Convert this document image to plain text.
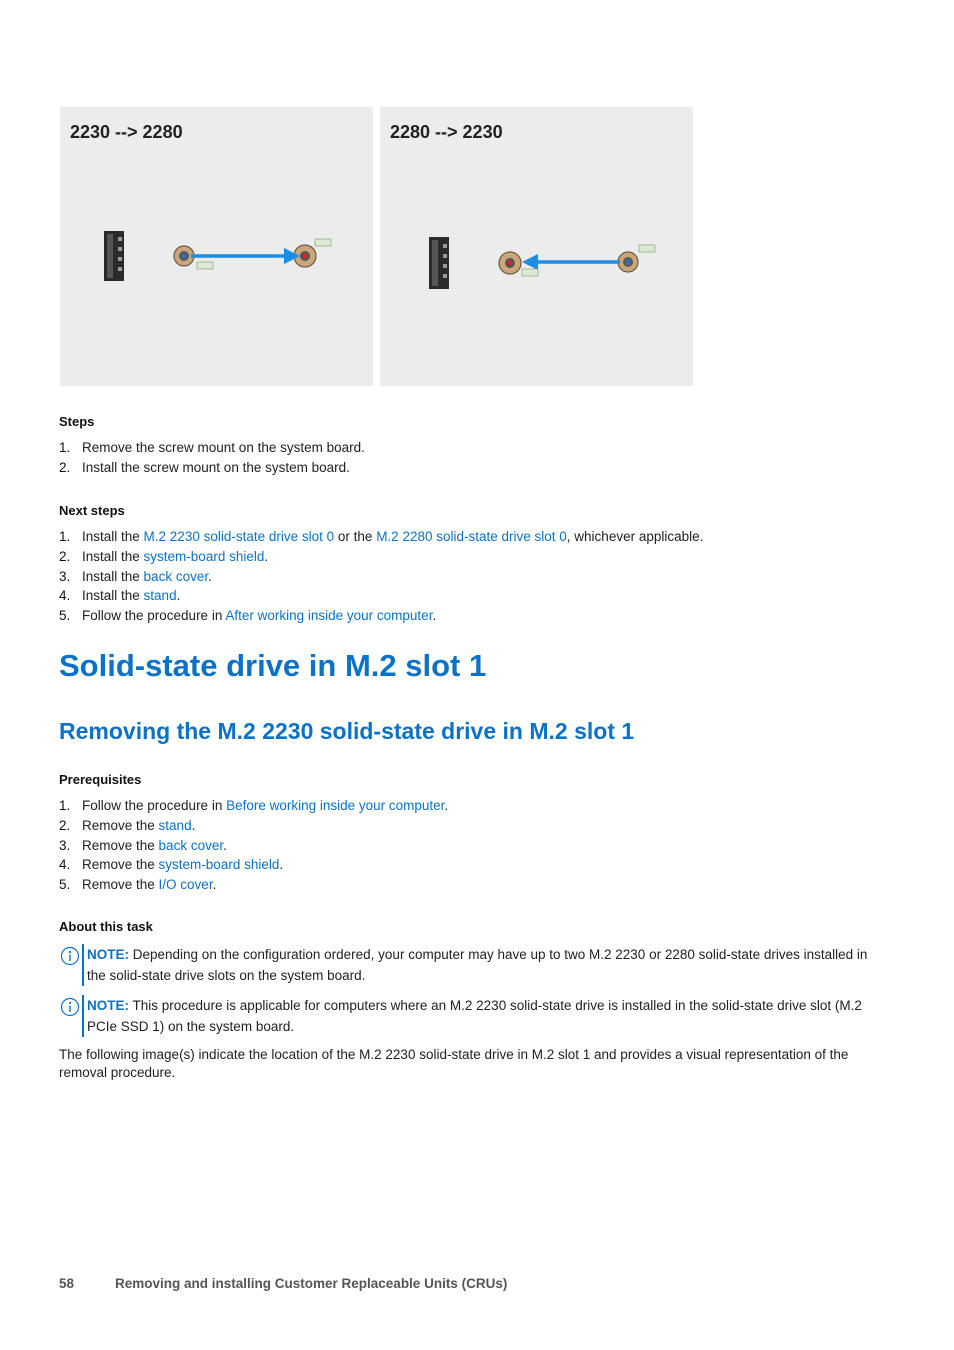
2230 --> 2280	2280 --> 2230
Steps
1. Remove the screw mount on the system board.
2. Install the screw mount on the system board.
Next steps
1. Install the M.2 2230 solid-state drive slot 0 or the M.2 2280 solid-state drive slot 0, whichever applicable.
2. Install the system-board shield.
3. Install the back cover.
4. Install the stand.
5. Follow the procedure in After working inside your computer.
Solid-state drive in M.2 slot 1
Removing the M.2 2230 solid-state drive in M.2 slot 1
Prerequisites
1. Follow the procedure in Before working inside your computer.
2. Remove the stand.
3. Remove the back cover.
4. Remove the system-board shield.
5. Remove the I/O cover.
About this task
NOTE: Depending on the configuration ordered, your computer may have up to two M.2 2230 or 2280 solid-state drives installed in the solid-state drive slots on the system board.
NOTE: This procedure is applicable for computers where an M.2 2230 solid-state drive is installed in the solid-state drive slot (M.2 PCIe SSD 1) on the system board.
The following image(s) indicate the location of the M.2 2230 solid-state drive in M.2 slot 1 and provides a visual representation of the removal procedure.
58	Removing and installing Customer Replaceable Units (CRUs)
